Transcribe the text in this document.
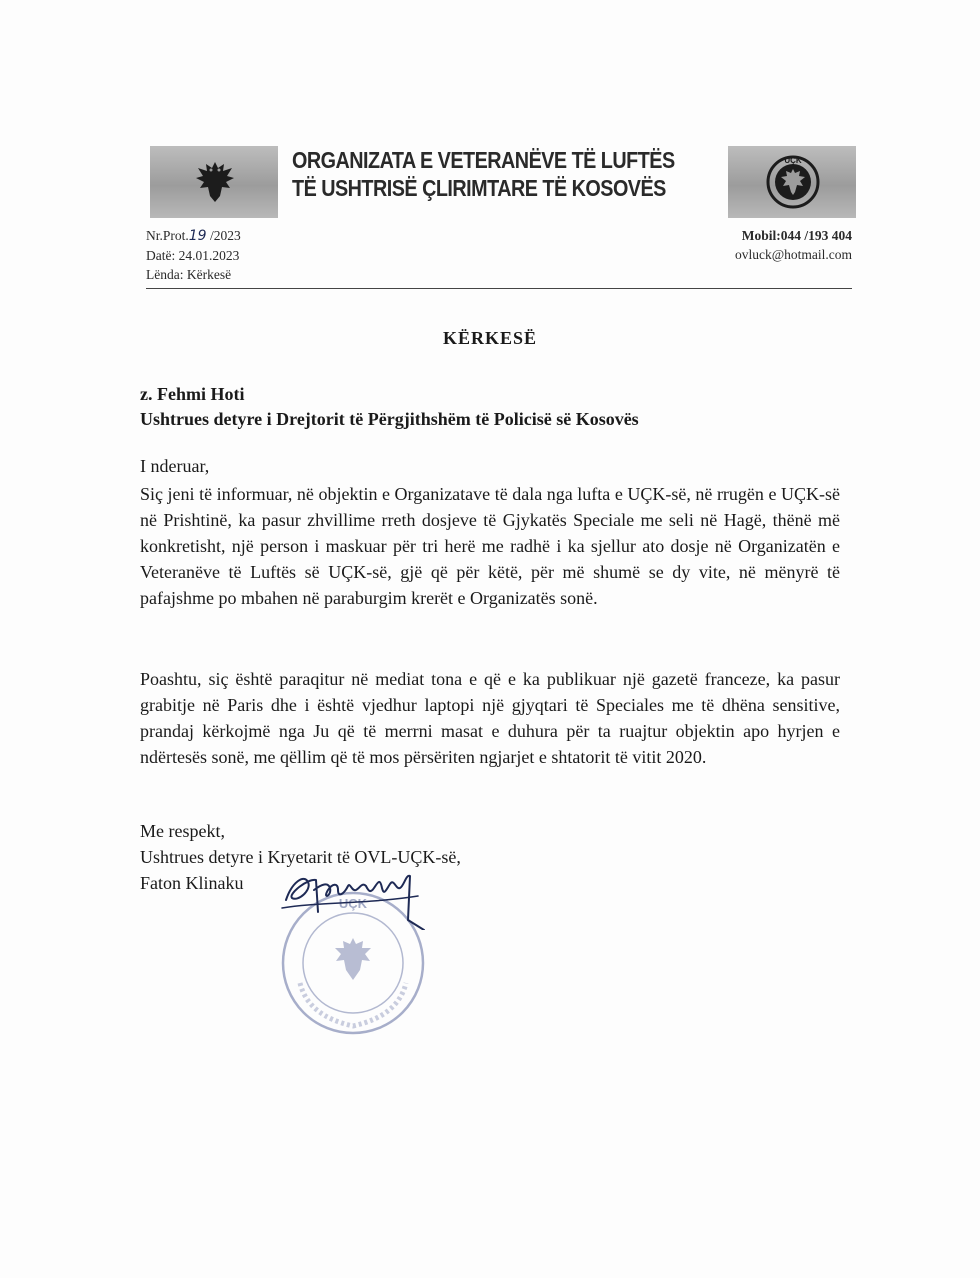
ORGANIZATA E VETERANËVE TË LUFTËS
TË USHTRISË ÇLIRIMTARE TË KOSOVËS
UÇK
Nr.Prot.19 /2023
Datë: 24.01.2023
Lënda: Kërkesë
Mobil:044 /193 404
ovluck@hotmail.com
KËRKESË
z. Fehmi Hoti
Ushtrues detyre i Drejtorit të Përgjithshëm të Policisë së Kosovës
I nderuar,
Siç jeni të informuar, në objektin e Organizatave të dala nga lufta e UÇK-së, në rrugën e UÇK-së në Prishtinë, ka pasur zhvillime rreth dosjeve të Gjykatës Speciale me seli në Hagë, thënë më konkretisht, një person i maskuar për tri herë me radhë i ka sjellur ato dosje në Organizatën e Veteranëve të Luftës së UÇK-së, gjë që për këtë, për më shumë se dy vite, në mënyrë të pafajshme po mbahen në paraburgim krerët e Organizatës sonë.
Poashtu, siç është paraqitur në mediat tona e që e ka publikuar një gazetë franceze, ka pasur grabitje në Paris dhe i është vjedhur laptopi një gjyqtari të Speciales me të dhëna sensitive, prandaj kërkojmë nga Ju që të merrni masat e duhura për ta ruajtur objektin apo hyrjen e ndërtesës sonë, me qëllim që të mos përsëriten ngjarjet e shtatorit të vitit 2020.
Me respekt,
Ushtrues detyre i Kryetarit të OVL-UÇK-së,
Faton Klinaku
UÇK
